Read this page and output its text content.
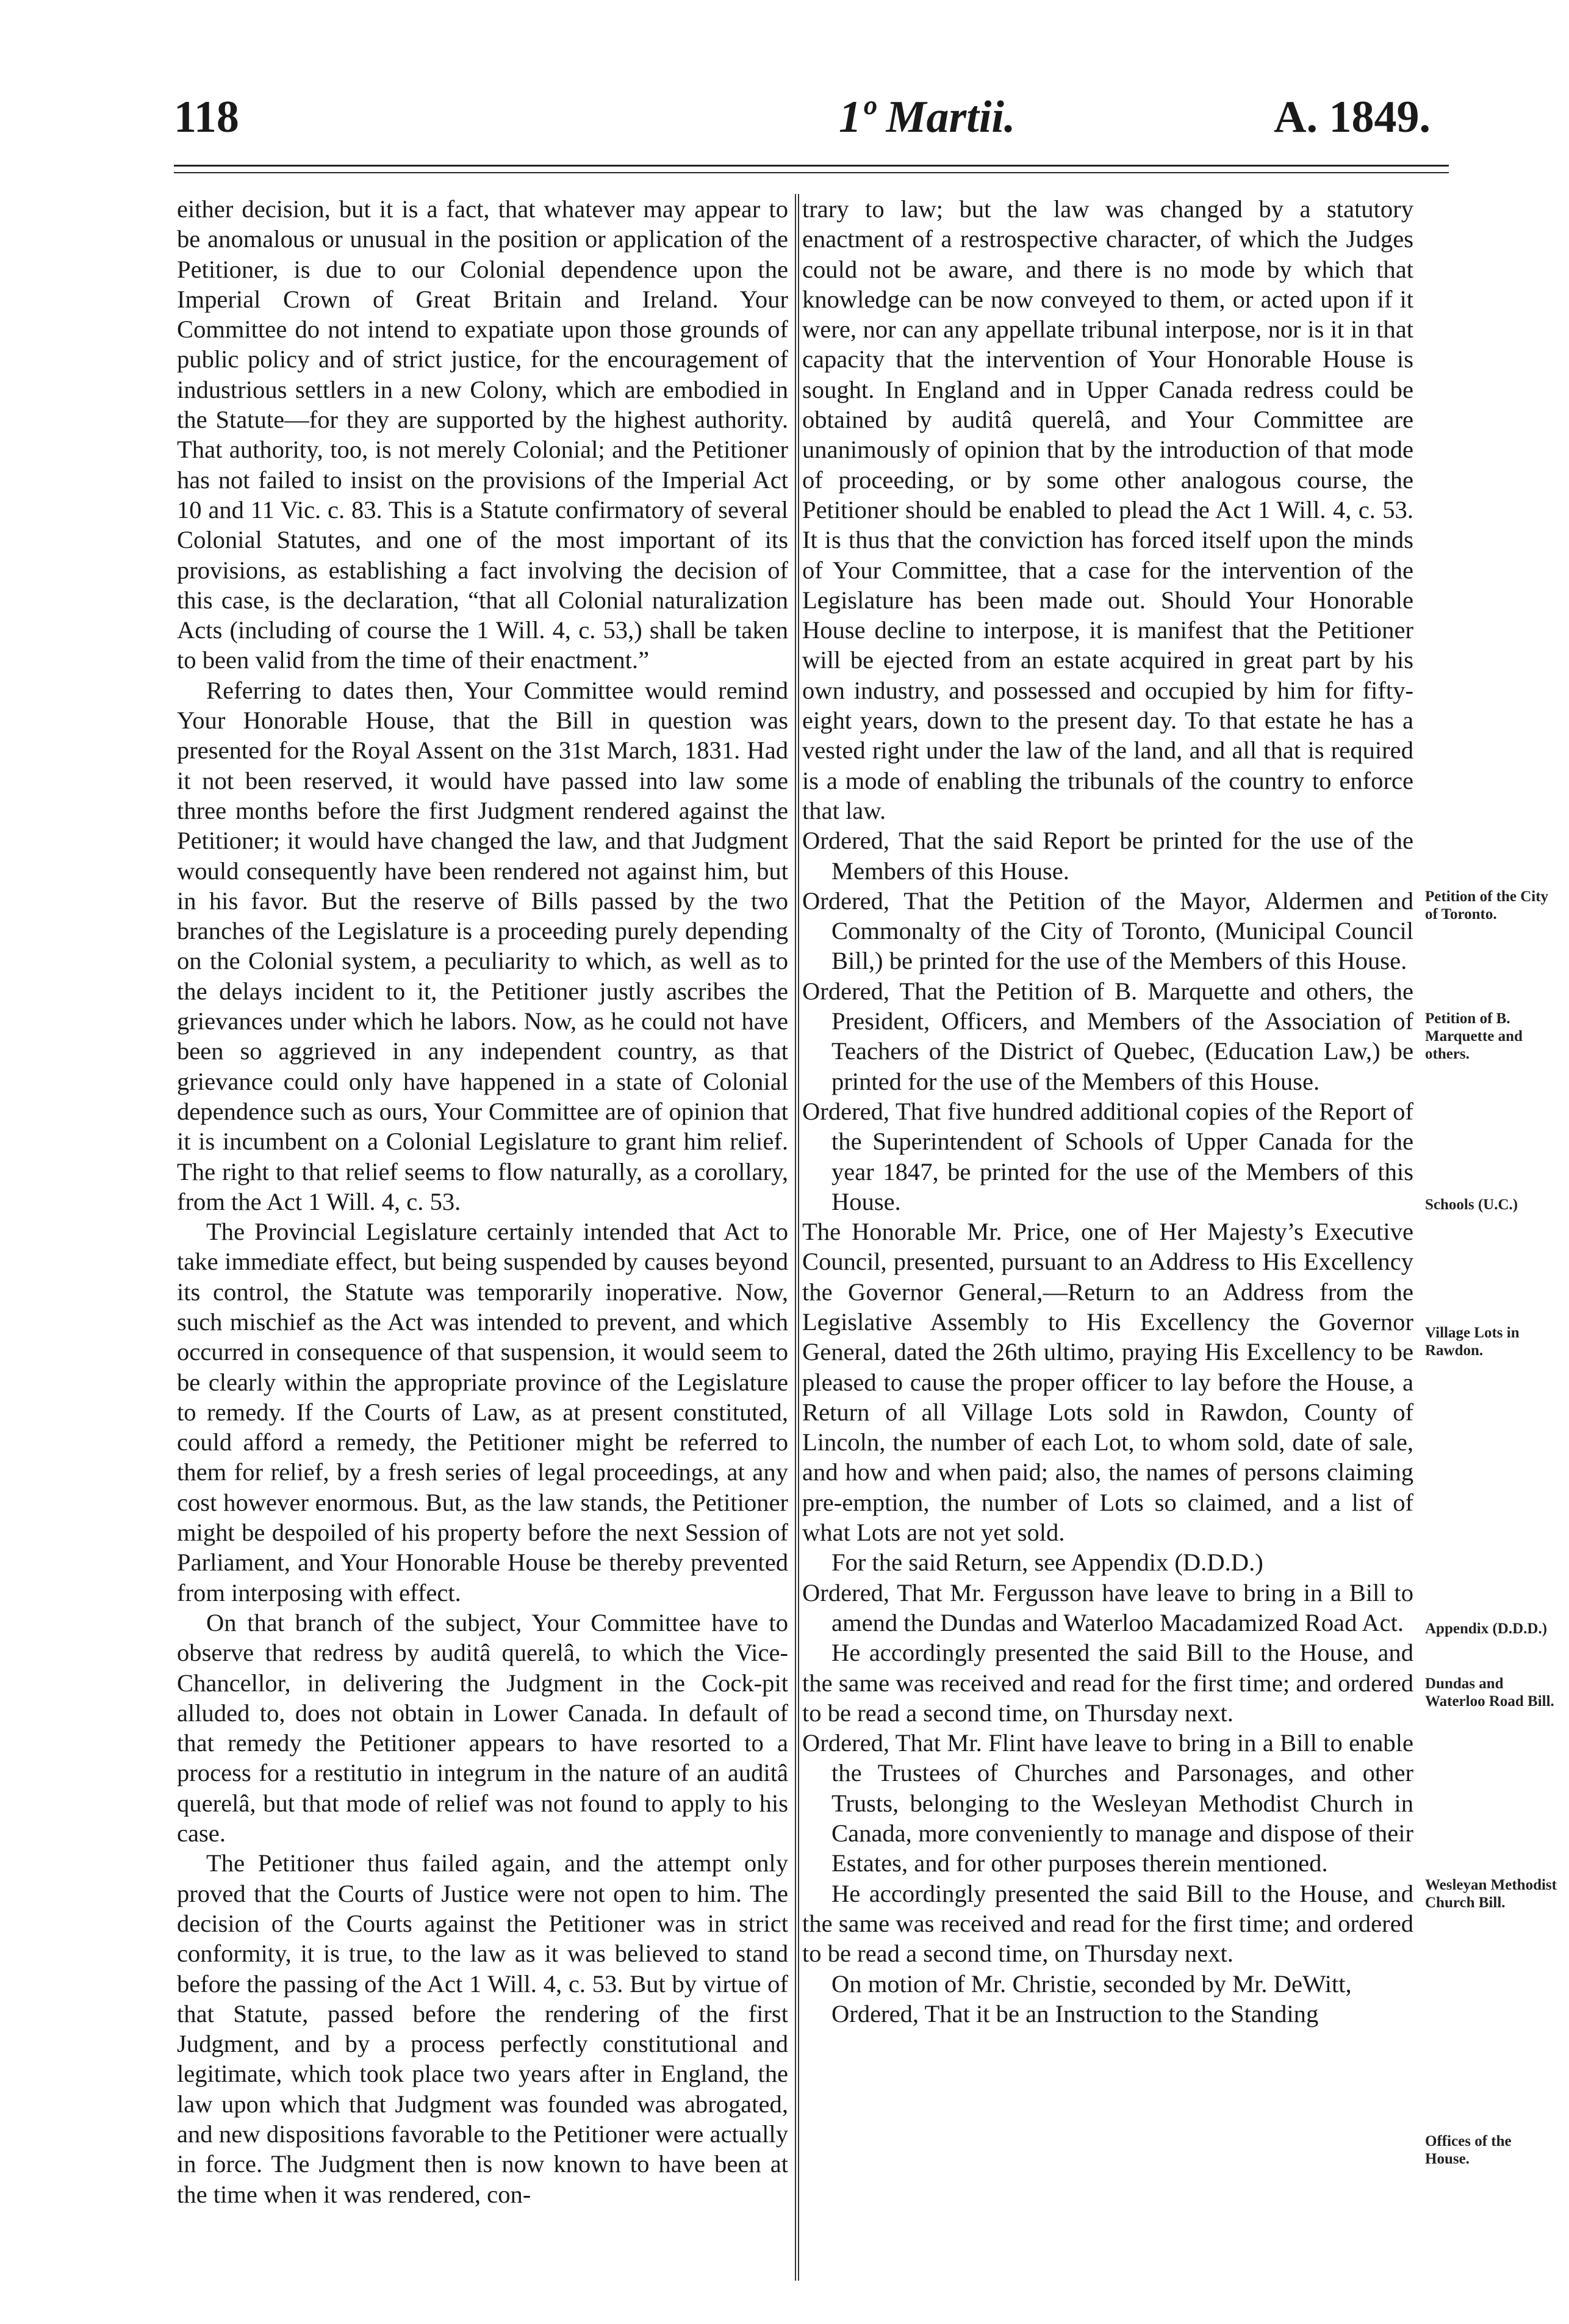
118	1º Martii.	A. 1849.

either decision, but it is a fact, that whatever may appear to be anomalous or unusual in the position or application of the Petitioner, is due to our Colonial dependence upon the Imperial Crown of Great Britain and Ireland. Your Committee do not intend to expatiate upon those grounds of public policy and of strict justice, for the encouragement of industrious settlers in a new Colony, which are embodied in the Statute—for they are supported by the highest authority. That authority, too, is not merely Colonial; and the Petitioner has not failed to insist on the provisions of the Imperial Act 10 and 11 Vic. c. 83. This is a Statute confirmatory of several Colonial Statutes, and one of the most important of its provisions, as establishing a fact involving the decision of this case, is the declaration, “that all Colonial naturalization Acts (including of course the 1 Will. 4, c. 53,) shall be taken to been valid from the time of their enactment.”

Referring to dates then, Your Committee would remind Your Honorable House, that the Bill in question was presented for the Royal Assent on the 31st March, 1831. Had it not been reserved, it would have passed into law some three months before the first Judgment rendered against the Petitioner; it would have changed the law, and that Judgment would consequently have been rendered not against him, but in his favor. But the reserve of Bills passed by the two branches of the Legislature is a proceeding purely depending on the Colonial system, a peculiarity to which, as well as to the delays incident to it, the Petitioner justly ascribes the grievances under which he labors. Now, as he could not have been so aggrieved in any independent country, as that grievance could only have happened in a state of Colonial dependence such as ours, Your Committee are of opinion that it is incumbent on a Colonial Legislature to grant him relief. The right to that relief seems to flow naturally, as a corollary, from the Act 1 Will. 4, c. 53.

The Provincial Legislature certainly intended that Act to take immediate effect, but being suspended by causes beyond its control, the Statute was temporarily inoperative. Now, such mischief as the Act was intended to prevent, and which occurred in consequence of that suspension, it would seem to be clearly within the appropriate province of the Legislature to remedy. If the Courts of Law, as at present constituted, could afford a remedy, the Petitioner might be referred to them for relief, by a fresh series of legal proceedings, at any cost however enormous. But, as the law stands, the Petitioner might be despoiled of his property before the next Session of Parliament, and Your Honorable House be thereby prevented from interposing with effect.

On that branch of the subject, Your Committee have to observe that redress by auditâ querelâ, to which the Vice-Chancellor, in delivering the Judgment in the Cock-pit alluded to, does not obtain in Lower Canada. In default of that remedy the Petitioner appears to have resorted to a process for a restitutio in integrum in the nature of an auditâ querelâ, but that mode of relief was not found to apply to his case.

The Petitioner thus failed again, and the attempt only proved that the Courts of Justice were not open to him. The decision of the Courts against the Petitioner was in strict conformity, it is true, to the law as it was believed to stand before the passing of the Act 1 Will. 4, c. 53. But by virtue of that Statute, passed before the rendering of the first Judgment, and by a process perfectly constitutional and legitimate, which took place two years after in England, the law upon which that Judgment was founded was abrogated, and new dispositions favorable to the Petitioner were actually in force. The Judgment then is now known to have been at the time when it was rendered, con-

trary to law; but the law was changed by a statutory enactment of a restrospective character, of which the Judges could not be aware, and there is no mode by which that knowledge can be now conveyed to them, or acted upon if it were, nor can any appellate tribunal interpose, nor is it in that capacity that the intervention of Your Honorable House is sought. In England and in Upper Canada redress could be obtained by auditâ querelâ, and Your Committee are unanimously of opinion that by the introduction of that mode of proceeding, or by some other analogous course, the Petitioner should be enabled to plead the Act 1 Will. 4, c. 53. It is thus that the conviction has forced itself upon the minds of Your Committee, that a case for the intervention of the Legislature has been made out. Should Your Honorable House decline to interpose, it is manifest that the Petitioner will be ejected from an estate acquired in great part by his own industry, and possessed and occupied by him for fifty-eight years, down to the present day. To that estate he has a vested right under the law of the land, and all that is required is a mode of enabling the tribunals of the country to enforce that law.

Ordered, That the said Report be printed for the use of the Members of this House.

Ordered, That the Petition of the Mayor, Aldermen and Commonalty of the City of Toronto, (Municipal Council Bill,) be printed for the use of the Members of this House.

Ordered, That the Petition of B. Marquette and others, the President, Officers, and Members of the Association of Teachers of the District of Quebec, (Education Law,) be printed for the use of the Members of this House.

Ordered, That five hundred additional copies of the Report of the Superintendent of Schools of Upper Canada for the year 1847, be printed for the use of the Members of this House.

The Honorable Mr. Price, one of Her Majesty’s Executive Council, presented, pursuant to an Address to His Excellency the Governor General,—Return to an Address from the Legislative Assembly to His Excellency the Governor General, dated the 26th ultimo, praying His Excellency to be pleased to cause the proper officer to lay before the House, a Return of all Village Lots sold in Rawdon, County of Lincoln, the number of each Lot, to whom sold, date of sale, and how and when paid; also, the names of persons claiming pre-emption, the number of Lots so claimed, and a list of what Lots are not yet sold.

For the said Return, see Appendix (D.D.D.)

Ordered, That Mr. Fergusson have leave to bring in a Bill to amend the Dundas and Waterloo Macadamized Road Act.

He accordingly presented the said Bill to the House, and the same was received and read for the first time; and ordered to be read a second time, on Thursday next.

Ordered, That Mr. Flint have leave to bring in a Bill to enable the Trustees of Churches and Parsonages, and other Trusts, belonging to the Wesleyan Methodist Church in Canada, more conveniently to manage and dispose of their Estates, and for other purposes therein mentioned.

He accordingly presented the said Bill to the House, and the same was received and read for the first time; and ordered to be read a second time, on Thursday next.

On motion of Mr. Christie, seconded by Mr. DeWitt,

Ordered, That it be an Instruction to the Standing

Petition of the City of Toronto.
Petition of B. Marquette and others.
Schools (U.C.)
Village Lots in Rawdon.
Appendix (D.D.D.)
Dundas and Waterloo Road Bill.
Wesleyan Methodist Church Bill.
Offices of the House.
